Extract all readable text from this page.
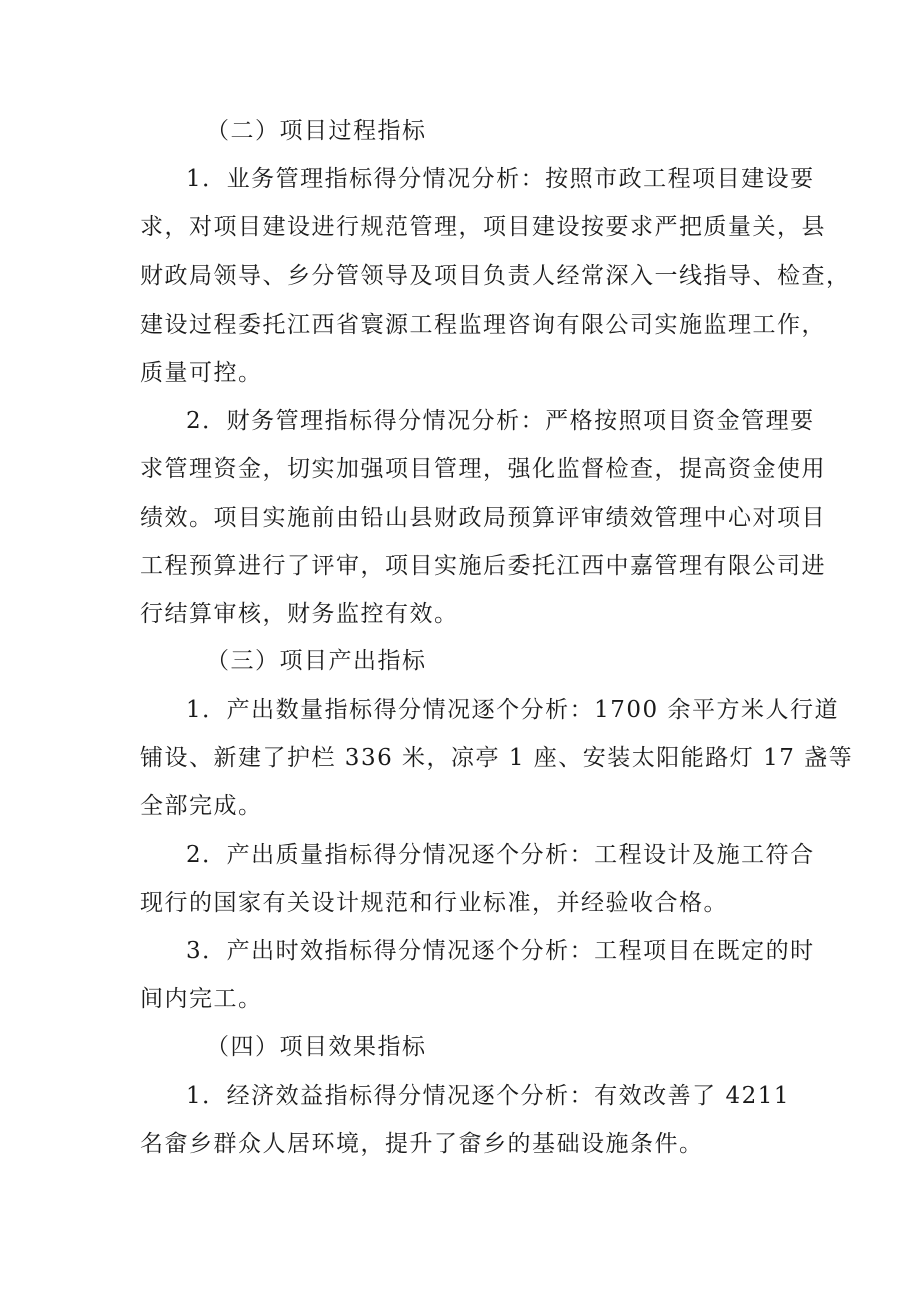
（二）项目过程指标
1．业务管理指标得分情况分析：按照市政工程项目建设要
求，对项目建设进行规范管理，项目建设按要求严把质量关，县
财政局领导、乡分管领导及项目负责人经常深入一线指导、检查，
建设过程委托江西省寰源工程监理咨询有限公司实施监理工作，
质量可控。
2．财务管理指标得分情况分析：严格按照项目资金管理要
求管理资金，切实加强项目管理，强化监督检查，提高资金使用
绩效。项目实施前由铅山县财政局预算评审绩效管理中心对项目
工程预算进行了评审，项目实施后委托江西中嘉管理有限公司进
行结算审核，财务监控有效。
（三）项目产出指标
1．产出数量指标得分情况逐个分析：1700 余平方米人行道
铺设、新建了护栏 336 米，凉亭 1 座、安装太阳能路灯 17 盏等
全部完成。
2．产出质量指标得分情况逐个分析：工程设计及施工符合
现行的国家有关设计规范和行业标准，并经验收合格。
3．产出时效指标得分情况逐个分析：工程项目在既定的时
间内完工。
（四）项目效果指标
1．经济效益指标得分情况逐个分析：有效改善了 4211
名畲乡群众人居环境，提升了畲乡的基础设施条件。
